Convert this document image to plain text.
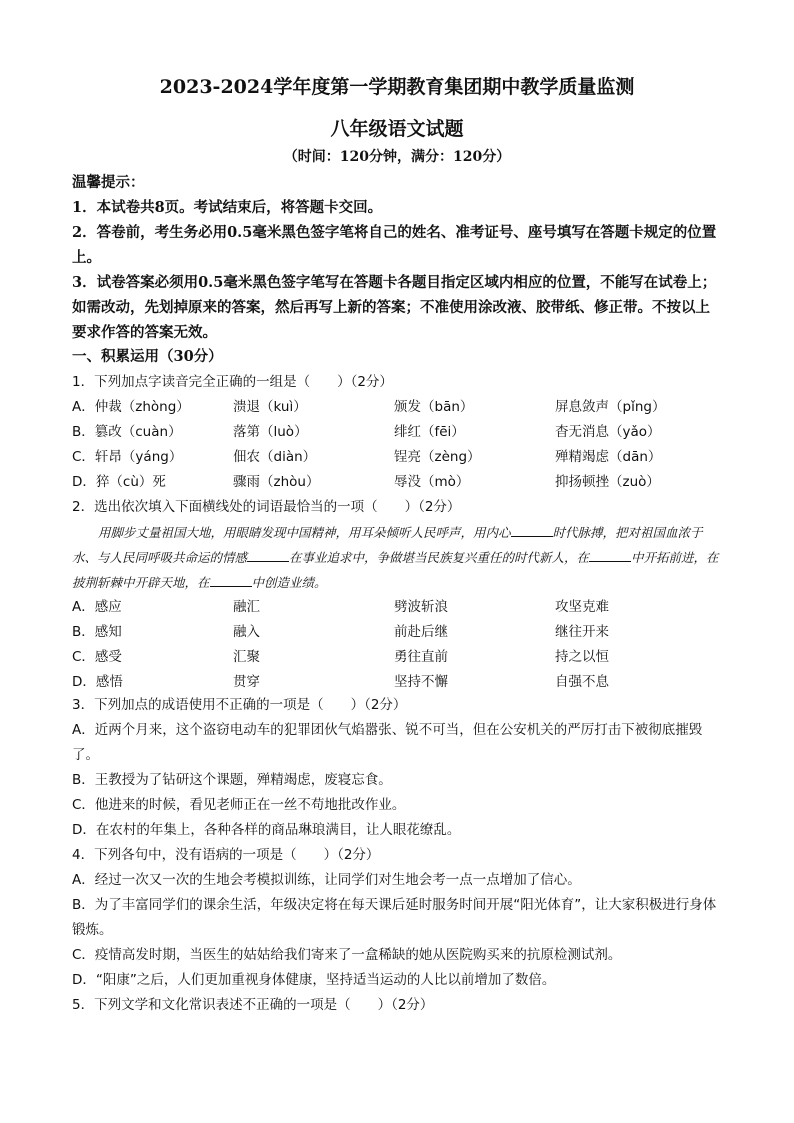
2023-2024学年度第一学期教育集团期中教学质量监测
八年级语文试题
（时间：120分钟，满分：120分）

温馨提示：

1．本试卷共8页。考试结束后，将答题卡交回。

2．答卷前，考生务必用0.5毫米黑色签字笔将自己的姓名、准考证号、座号填写在答题卡规定的位置上。

3．试卷答案必须用0.5毫米黑色签字笔写在答题卡各题目指定区域内相应的位置，不能写在试卷上；如需改动，先划掉原来的答案，然后再写上新的答案；不准使用涂改液、胶带纸、修正带。不按以上要求作答的答案无效。

一、积累运用（30分）

1．下列加点字读音完全正确的一组是（　　）（2分）

A．仲裁（zhòng）	溃退（kuì）	颁发（bān）	屏息敛声（pǐng）
B．篡改（cuàn）	落第（luò）	绯红（fēi）	杳无消息（yǎo）
C．轩昂（yáng）	佃农（diàn）	锃亮（zèng）	殚精竭虑（dān）
D．猝（cù）死	骤雨（zhòu）	辱没（mò）	抑扬顿挫（zuò）

2．选出依次填入下面横线处的词语最恰当的一项（　　）（2分）

用脚步丈量祖国大地，用眼睛发现中国精神，用耳朵倾听人民呼声，用内心	时代脉搏，把对祖国血浓于水、与人民同呼吸共命运的情感	在事业追求中，争做堪当民族复兴重任的时代新人，在	中开拓前进，在披荆斩棘中开辟天地，在	中创造业绩。

A．感应	融汇	劈波斩浪	攻坚克难
B．感知	融入	前赴后继	继往开来
C．感受	汇聚	勇往直前	持之以恒
D．感悟	贯穿	坚持不懈	自强不息

3．下列加点的成语使用不正确的一项是（　　）（2分）

A．近两个月来，这个盗窃电动车的犯罪团伙气焰嚣张、锐不可当，但在公安机关的严厉打击下被彻底摧毁了。

B．王教授为了钻研这个课题，殚精竭虑，废寝忘食。

C．他进来的时候，看见老师正在一丝不苟地批改作业。

D．在农村的年集上，各种各样的商品琳琅满目，让人眼花缭乱。

4．下列各句中，没有语病的一项是（　　）（2分）

A．经过一次又一次的生地会考模拟训练，让同学们对生地会考一点一点增加了信心。

B．为了丰富同学们的课余生活，年级决定将在每天课后延时服务时间开展“阳光体育”，让大家积极进行身体锻炼。

C．疫情高发时期，当医生的姑姑给我们寄来了一盒稀缺的她从医院购买来的抗原检测试剂。

D．“阳康”之后，人们更加重视身体健康，坚持适当运动的人比以前增加了数倍。

5．下列文学和文化常识表述不正确的一项是（　　）（2分）
